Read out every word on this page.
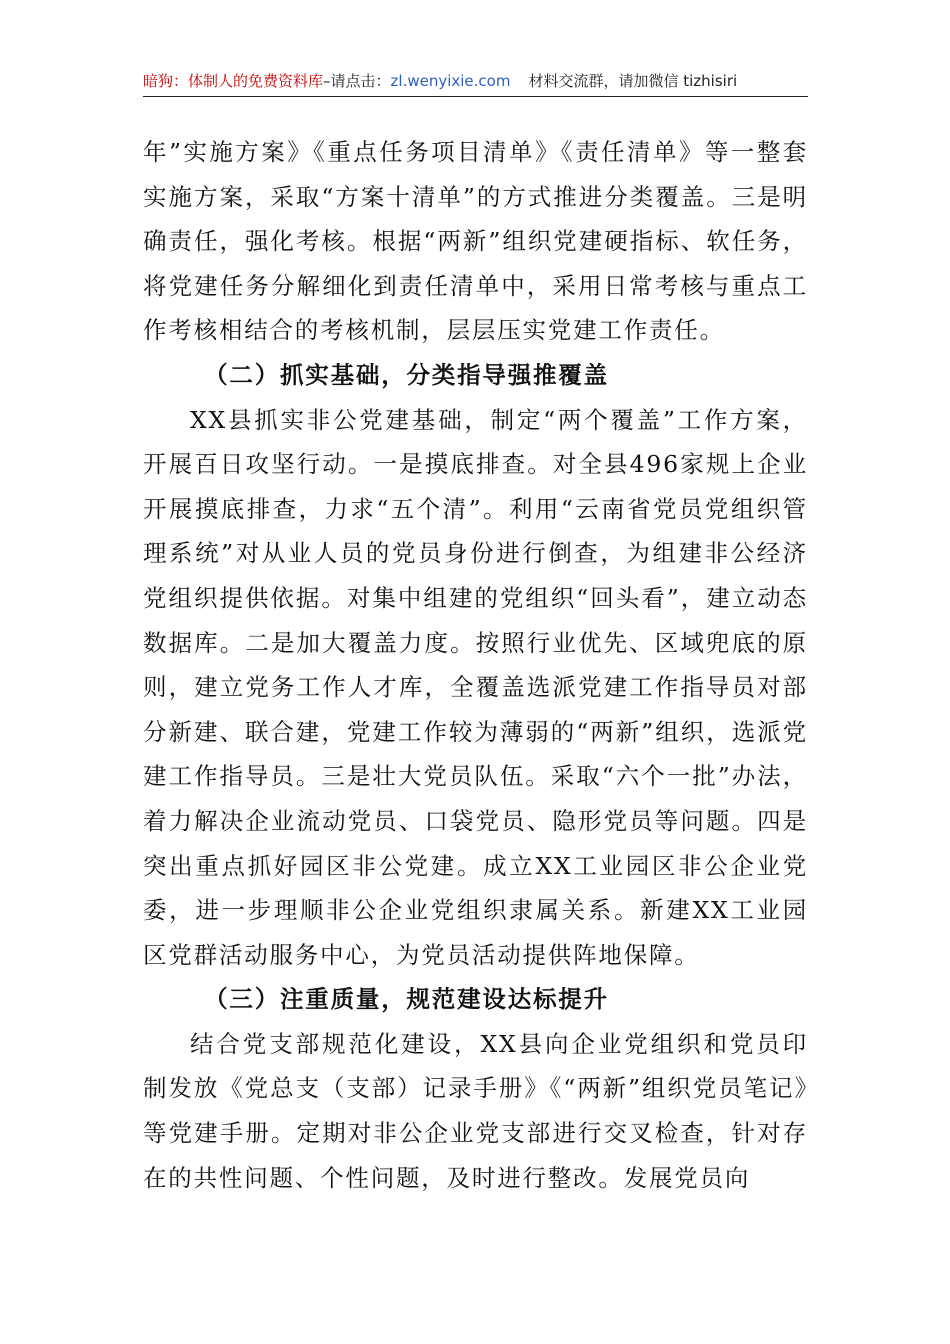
暗狗：体制人的免费资料库–请点击：zl.wenyixie.com 材料交流群，请加微信 tizhisiri

年”实施方案》《重点任务项目清单》《责任清单》等一整套实施方案，采取“方案十清单”的方式推进分类覆盖。三是明确责任，强化考核。根据“两新”组织党建硬指标、软任务，将党建任务分解细化到责任清单中，采用日常考核与重点工作考核相结合的考核机制，层层压实党建工作责任。

（二）抓实基础，分类指导强推覆盖

XX县抓实非公党建基础，制定“两个覆盖”工作方案，开展百日攻坚行动。一是摸底排查。对全县496家规上企业开展摸底排查，力求“五个清”。利用“云南省党员党组织管理系统”对从业人员的党员身份进行倒查，为组建非公经济党组织提供依据。对集中组建的党组织“回头看”，建立动态数据库。二是加大覆盖力度。按照行业优先、区域兜底的原则，建立党务工作人才库，全覆盖选派党建工作指导员对部分新建、联合建，党建工作较为薄弱的“两新”组织，选派党建工作指导员。三是壮大党员队伍。采取“六个一批”办法，着力解决企业流动党员、口袋党员、隐形党员等问题。四是突出重点抓好园区非公党建。成立XX工业园区非公企业党委，进一步理顺非公企业党组织隶属关系。新建XX工业园区党群活动服务中心，为党员活动提供阵地保障。

（三）注重质量，规范建设达标提升

结合党支部规范化建设，XX县向企业党组织和党员印制发放《党总支（支部）记录手册》《“两新”组织党员笔记》等党建手册。定期对非公企业党支部进行交叉检查，针对存在的共性问题、个性问题，及时进行整改。发展党员向
